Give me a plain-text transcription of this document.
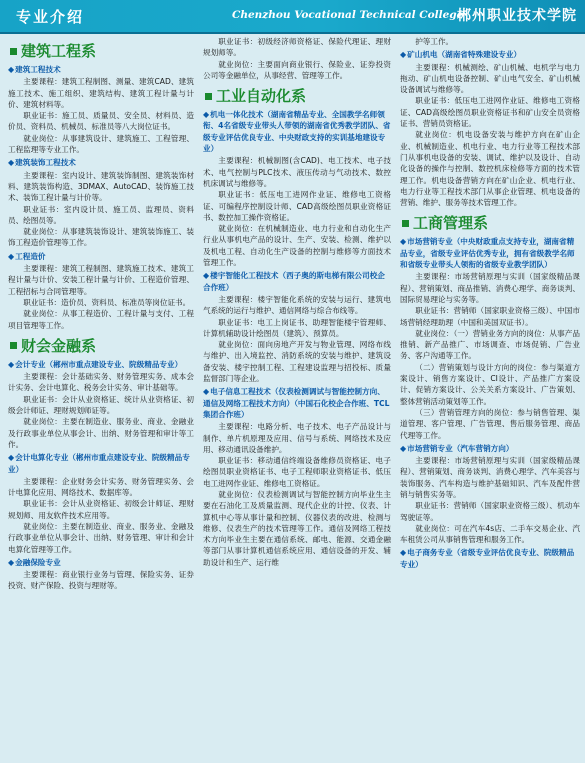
专业介绍	Chenzhou Vocational Technical College
郴州职业技术学院
建筑工程系
◆建筑工程技术

主要课程：建筑工程制图、测量、建筑CAD、建筑施工技术、施工组织、建筑结构、建筑工程计量与计价、建筑材料等。

职业证书：施工员、质量员、安全员、材料员、造价员、资料员、机械员、标准员等八大岗位证书。

就业岗位：从事建筑设计、建筑施工、工程管理、工程监理等专业工作。

◆建筑装饰工程技术

主要课程：室内设计、建筑装饰制图、建筑装饰材料、建筑装饰构造、3DMAX、AutoCAD、装饰施工技术、装饰工程计量与计价等。

职业证书：室内设计员、施工员、监理员、资料员、绘图员等。

就业岗位：从事建筑装饰设计、建筑装饰施工、装饰工程造价管理等工作。

◆工程造价

主要课程：建筑工程制图、建筑施工技术、建筑工程计量与计价、安装工程计量与计价、工程造价管理、工程招标与合同管理等。

职业证书：造价员、资料员、标准员等岗位证书。

就业岗位：从事工程造价、工程计量与支付、工程项目管理等工作。

财会金融系
◆会计专业（郴州市重点建设专业、院级精品专业）

主要课程：会计基础实务、财务管理实务、成本会计实务、会计电算化、税务会计实务、审计基础等。

职业证书：会计从业资格证、统计从业资格证、初级会计师证、理财规划师证等。

就业岗位：主要在制造业、服务业、商业、金融业及行政事业单位从事会计、出纳、财务管理和审计等工作。

◆会计电算化专业（郴州市重点建设专业、院级精品专业）

主要课程：企业财务会计实务、财务管理实务、会计电算化应用、网络技术、数据库等。

职业证书：会计从业资格证、初级会计师证、理财规划师、用友软件技术应用等。

就业岗位：主要在制造业、商业、服务业、金融及行政事业单位从事会计、出纳、财务管理、审计和会计电算化管理等工作。

◆金融保险专业

主要课程：商业银行业务与管理、保险实务、证券投资、财产保险、投资与理财等。

职业证书：初级经济师资格证、保险代理证、理财规划师等。

就业岗位：主要面向商业银行、保险业、证券投资公司等金融单位，从事经营、管理等工作。

工业自动化系
◆机电一体化技术（湖南省精品专业、全国教学名师领衔、4名省级专业带头人带领的湖南省优秀教学团队、省级专业评估优良专业、中央财政支持的实训基地建设专业）

主要课程：机械制图(含CAD)、电工技术、电子技术、电气控制与PLC技术、液压传动与气动技术、数控机床调试与维修等。

职业证书：低压电工进网作业证、维修电工资格证、可编程序控制设计师、CAD高级绘图员职业资格证书、数控加工操作资格证。

就业岗位：在机械制造业、电力行业和自动化生产行业从事机电产品的设计、生产、安装、检测、维护以及机电工程、自动化生产设备的控制与维修等方面技术管理工作。

◆楼宇智能化工程技术（西子奥的斯电梯有限公司校企合作班）

主要课程：楼宇智能化系统的安装与运行、建筑电气系统的运行与维护、通信网络与综合布线等。

职业证书：电工上岗证书、助理智能楼宇管理师、计算机辅助设计绘图员（建筑）、预算员。

就业岗位：面向房地产开发与物业管理、网络布线与维护、出入境监控、消防系统的安装与维护、建筑设备安装、楼宇控制工程、工程建设监理与招投标、质量监督部门等企业。

◆电子信息工程技术（仪表检测调试与智能控制方向、通信及网络工程技术方向）（中国石化校企合作班、TCL集团合作班）

主要课程：电路分析、电子技术、电子产品设计与制作、单片机原理及应用、信号与系统、网络技术及应用、移动通讯设备维护。

职业证书：移动通信终端设备维修员资格证、电子绘图员职业资格证书、电子工程师职业资格证书、低压电工进网作业证、维修电工资格证。

就业岗位：仪表检测调试与智能控制方向毕业生主要在石油化工及质量监测、现代企业的计控、仪表、计算机中心等从事计量和控制、仪器仪表的改进、检测与维修、仪表生产的技术管理等工作。通信及网络工程技术方向毕业生主要在通信系统、邮电、能源、交通金融等部门从事计算机通信系统应用、通信设备的开发、辅助设计和生产、运行维

护等工作。

◆矿山机电（湖南省特殊建设专业）

主要课程：机械测绘、矿山机械、电机学与电力拖动、矿山机电设备控制、矿山电气安全、矿山机械设备调试与维修等。

职业证书：低压电工进网作业证、维修电工资格证、CAD高级绘图员职业资格证书和矿山安全员资格证书、营销员资格证。

就业岗位：机电设备安装与维护方向在矿山企业、机械制造业、机电行业、电力行业等工程技术部门从事机电设备的安装、调试、维护以及设计、自动化设备的操作与控制、数控机床检修等方面的技术管理工作。机电设备营销方向在矿山企业、机电行业、电力行业等工程技术部门从事企业管理、机电设备的营销、维护、服务等技术管理工作。

工商管理系
◆市场营销专业（中央财政重点支持专业，湖南省精品专业，省级专业评估优秀专业，拥有省级教学名师和省级专业带头人领衔的省级专业教学团队）

主要课程：市场营销原理与实训（国家级精品课程）、营销策划、商品推销、消费心理学、商务谈判、国际贸易理论与实务等。

职业证书：营销师（国家职业资格三级）、中国市场营销经理助理（中国和美国双证书）。

就业岗位：（一）营销业务方向的岗位：从事产品推销、新产品推广、市场调查、市场促销、广告业务、客户沟通等工作。

（二）营销策划与设计方向的岗位：参与渠道方案设计、销售方案设计、CI设计、产品推广方案设计、促销方案设计、公关关系方案设计、广告策划、整体营销活动策划等工作。

（三）营销管理方向的岗位：参与销售管理、渠道管理、客户管理、广告管理、售后服务管理、商品代理等工作。

◆市场营销专业（汽车营销方向）

主要课程：市场营销原理与实训（国家级精品课程）、营销策划、商务谈判、消费心理学、汽车美容与装饰服务、汽车构造与维护基础知识、汽车及配件营销与销售实务等。

职业证书：营销师（国家职业资格三级）、机动车驾驶证等。

就业岗位：可在汽车4s店、二手车交易企业、汽车租赁公司从事销售管理和服务工作。

◆电子商务专业（省级专业评估优良专业、院级精品专业）
